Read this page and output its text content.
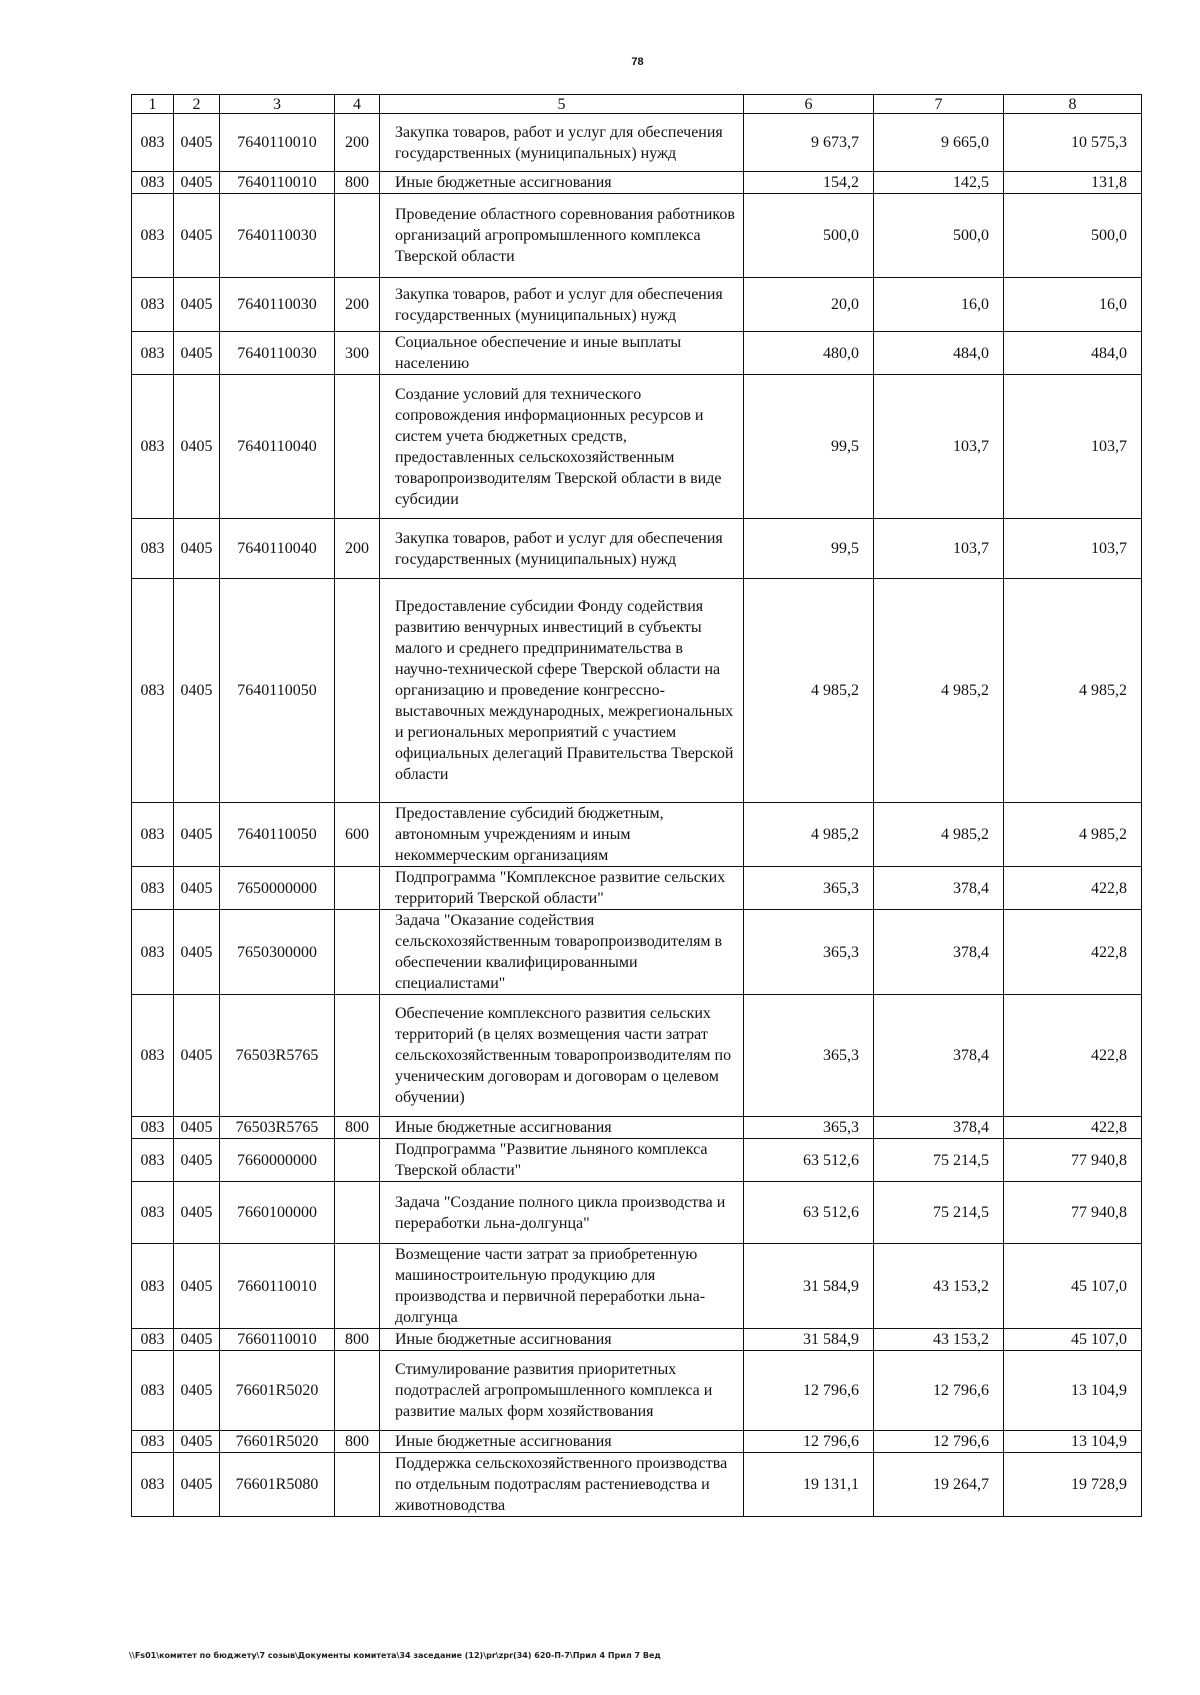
78
1	2	3	4	5	6	7	8
083	0405	7640110010	200	Закупка товаров, работ и услуг для обеспечения государственных (муниципальных) нужд	9 673,7	9 665,0	10 575,3
083	0405	7640110010	800	Иные бюджетные ассигнования	154,2	142,5	131,8
083	0405	7640110030		Проведение областного соревнования работников организаций агропромышленного комплекса Тверской области	500,0	500,0	500,0
083	0405	7640110030	200	Закупка товаров, работ и услуг для обеспечения государственных (муниципальных) нужд	20,0	16,0	16,0
083	0405	7640110030	300	Социальное обеспечение и иные выплаты населению	480,0	484,0	484,0
083	0405	7640110040		Создание условий для технического сопровождения информационных ресурсов и систем учета бюджетных средств, предоставленных сельскохозяйственным товаропроизводителям Тверской области в виде субсидии	99,5	103,7	103,7
083	0405	7640110040	200	Закупка товаров, работ и услуг для обеспечения государственных (муниципальных) нужд	99,5	103,7	103,7
083	0405	7640110050		Предоставление субсидии Фонду содействия развитию венчурных инвестиций в субъекты малого и среднего предпринимательства в научно-технической сфере Тверской области на организацию и проведение конгрессно-выставочных международных, межрегиональных и региональных мероприятий с участием официальных делегаций Правительства Тверской области	4 985,2	4 985,2	4 985,2
083	0405	7640110050	600	Предоставление субсидий бюджетным, автономным учреждениям и иным некоммерческим организациям	4 985,2	4 985,2	4 985,2
083	0405	7650000000		Подпрограмма "Комплексное развитие сельских территорий Тверской области"	365,3	378,4	422,8
083	0405	7650300000		Задача "Оказание содействия сельскохозяйственным товаропроизводителям в обеспечении квалифицированными специалистами"	365,3	378,4	422,8
083	0405	76503R5765		Обеспечение комплексного развития сельских территорий (в целях возмещения части затрат сельскохозяйственным товаропроизводителям по ученическим договорам и договорам о целевом обучении)	365,3	378,4	422,8
083	0405	76503R5765	800	Иные бюджетные ассигнования	365,3	378,4	422,8
083	0405	7660000000		Подпрограмма "Развитие льняного комплекса Тверской области"	63 512,6	75 214,5	77 940,8
083	0405	7660100000		Задача "Создание полного цикла производства и переработки льна-долгунца"	63 512,6	75 214,5	77 940,8
083	0405	7660110010		Возмещение части затрат за приобретенную машиностроительную продукцию для производства и первичной переработки льна-долгунца	31 584,9	43 153,2	45 107,0
083	0405	7660110010	800	Иные бюджетные ассигнования	31 584,9	43 153,2	45 107,0
083	0405	76601R5020		Стимулирование развития приоритетных подотраслей агропромышленного комплекса и развитие малых форм хозяйствования	12 796,6	12 796,6	13 104,9
083	0405	76601R5020	800	Иные бюджетные ассигнования	12 796,6	12 796,6	13 104,9
083	0405	76601R5080		Поддержка сельскохозяйственного производства по отдельным подотраслям растениеводства и животноводства	19 131,1	19 264,7	19 728,9
\\Fs01\комитет по бюджету\7 созыв\Документы комитета\34 заседание (12)\pr\zpr(34) 620-П-7\Прил 4 Прил 7 Вед
